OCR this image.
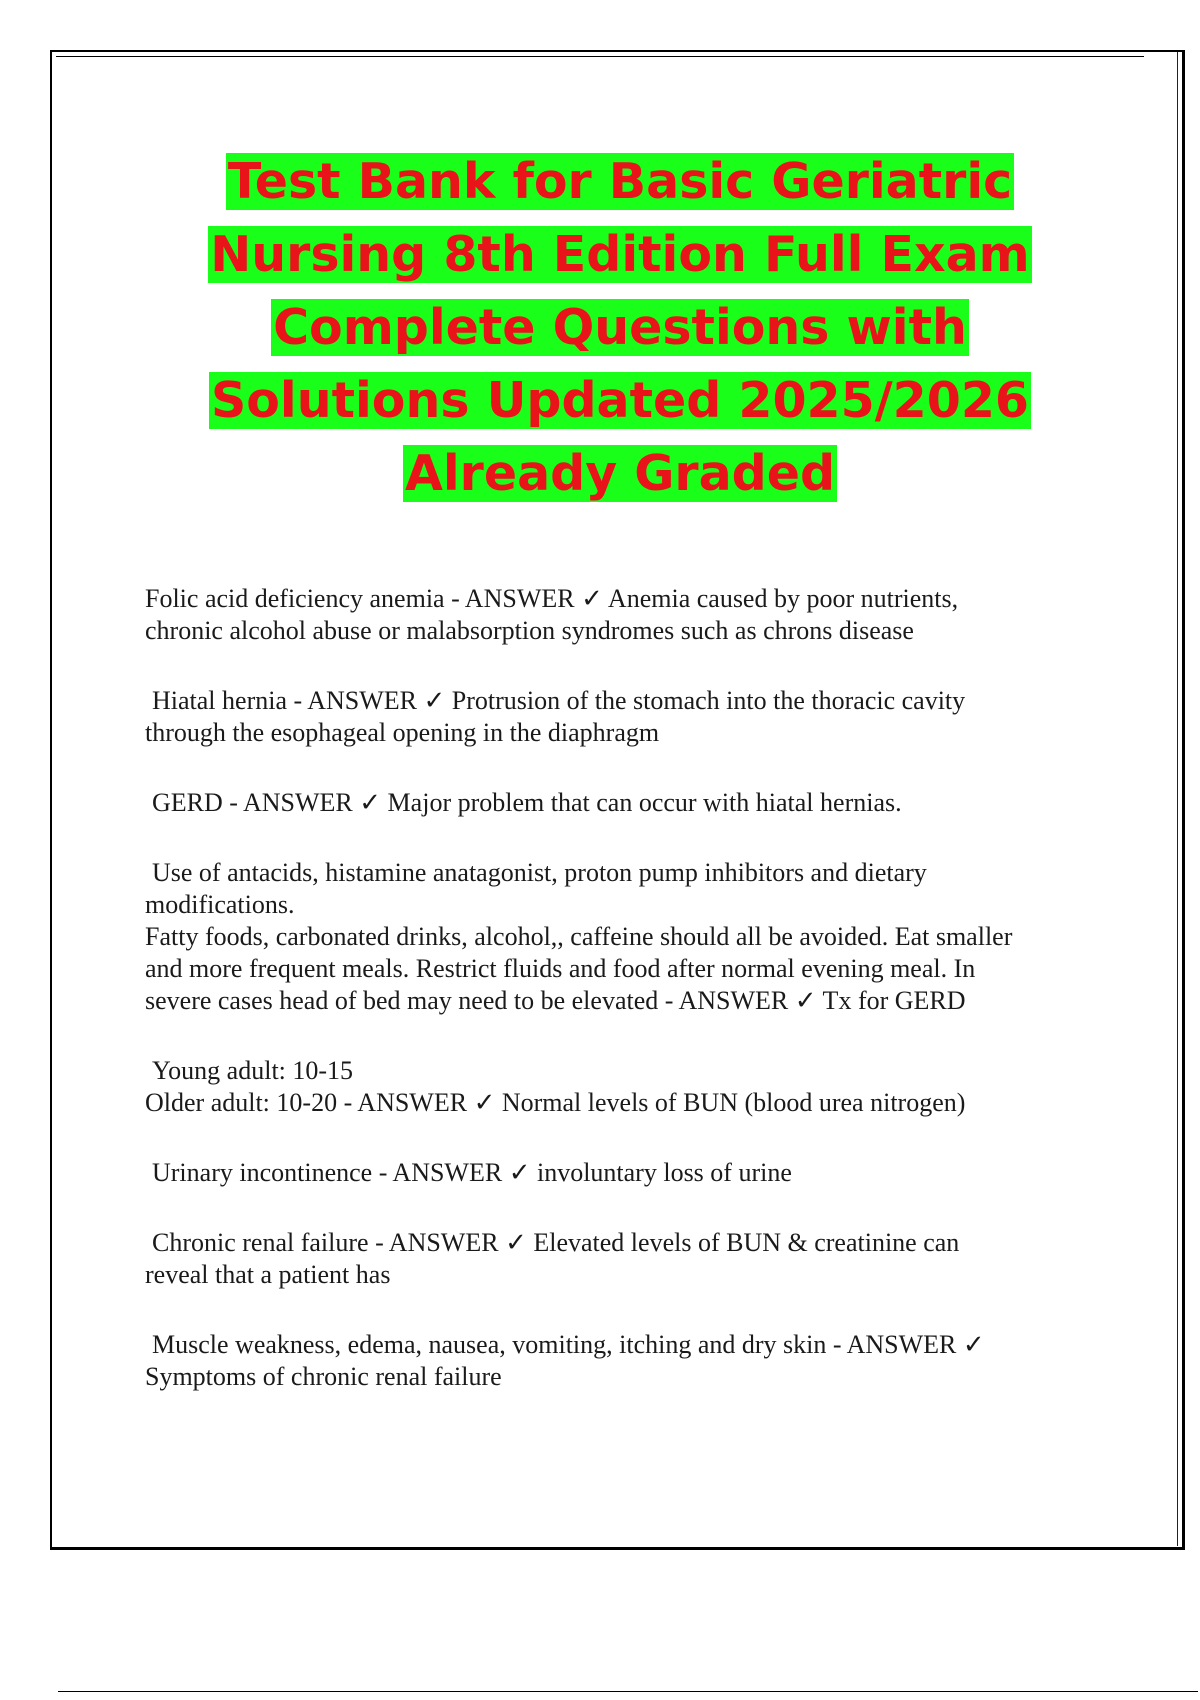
Test Bank for Basic Geriatric
Nursing 8th Edition Full Exam
Complete Questions with
Solutions Updated 2025/2026
Already Graded
Folic acid deficiency anemia - ANSWER ✓ Anemia caused by poor nutrients,
chronic alcohol abuse or malabsorption syndromes such as chrons disease
Hiatal hernia - ANSWER ✓ Protrusion of the stomach into the thoracic cavity
through the esophageal opening in the diaphragm
GERD - ANSWER ✓ Major problem that can occur with hiatal hernias.
Use of antacids, histamine anatagonist, proton pump inhibitors and dietary
modifications.
Fatty foods, carbonated drinks, alcohol,, caffeine should all be avoided. Eat smaller
and more frequent meals. Restrict fluids and food after normal evening meal. In
severe cases head of bed may need to be elevated - ANSWER ✓ Tx for GERD
Young adult: 10-15
Older adult: 10-20 - ANSWER ✓ Normal levels of BUN (blood urea nitrogen)
Urinary incontinence - ANSWER ✓ involuntary loss of urine
Chronic renal failure - ANSWER ✓ Elevated levels of BUN & creatinine can
reveal that a patient has
Muscle weakness, edema, nausea, vomiting, itching and dry skin - ANSWER ✓
Symptoms of chronic renal failure
